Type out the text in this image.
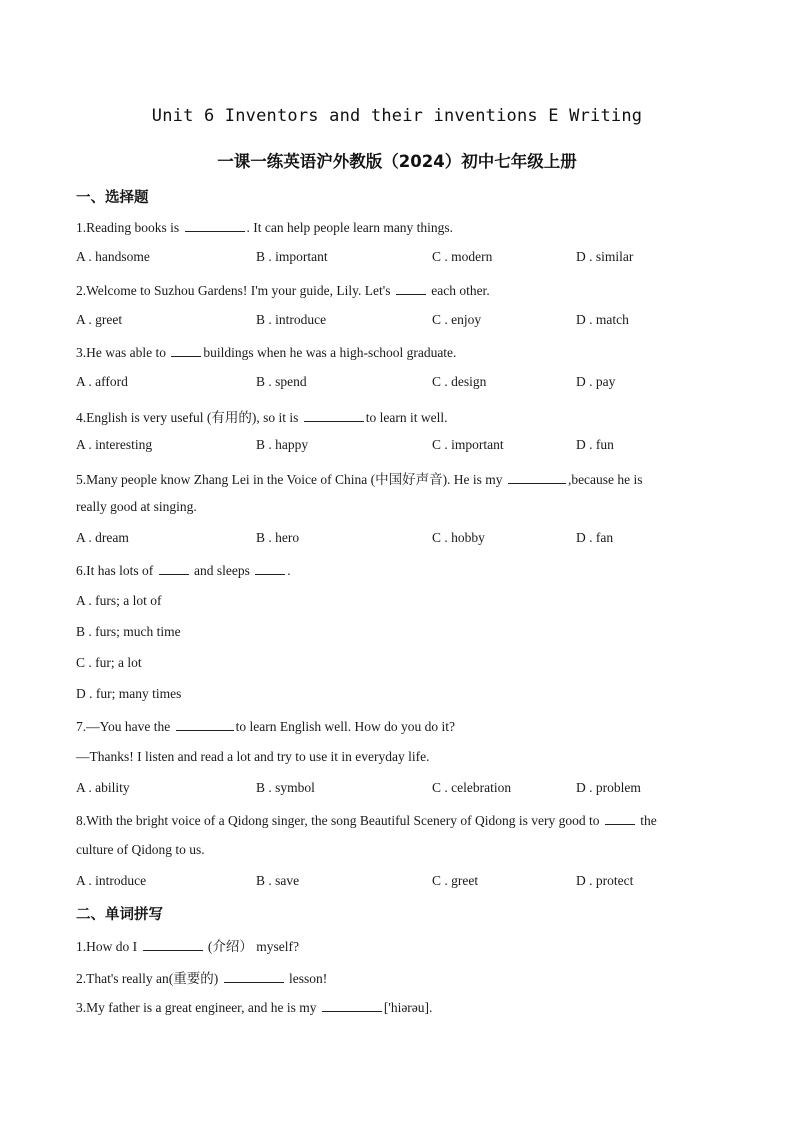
Unit 6 Inventors and their inventions E Writing
一课一练英语沪外教版（2024）初中七年级上册
一、选择题
1.Reading books is	. It can help people learn many things.
A . handsome	B . important	C . modern	D . similar
2.Welcome to Suzhou Gardens! I'm your guide, Lily. Let's	each other.
A . greet	B . introduce	C . enjoy	D . match
3.He was able to	buildings when he was a high-school graduate.
A . afford	B . spend	C . design	D . pay
4.English is very useful (有用的), so it is	to learn it well.
A . interesting	B . happy	C . important	D . fun
5.Many people know Zhang Lei in the Voice of China (中国好声音). He is my	,because he is
really good at singing.
A . dream	B . hero	C . hobby	D . fan
6.It has lots of	and sleeps	.
A . furs; a lot of
B . furs; much time
C . fur; a lot
D . fur; many times
7.—You have the	to learn English well. How do you do it?
—Thanks! I listen and read a lot and try to use it in everyday life.
A . ability	B . symbol	C . celebration	D . problem
8.With the bright voice of a Qidong singer, the song Beautiful Scenery of Qidong is very good to	the
culture of Qidong to us.
A . introduce	B . save	C . greet	D . protect
二、单词拼写
1.How do I	(介绍） myself?
2.That's really an(重要的)	lesson!
3.My father is a great engineer, and he is my	['hiərəu].
